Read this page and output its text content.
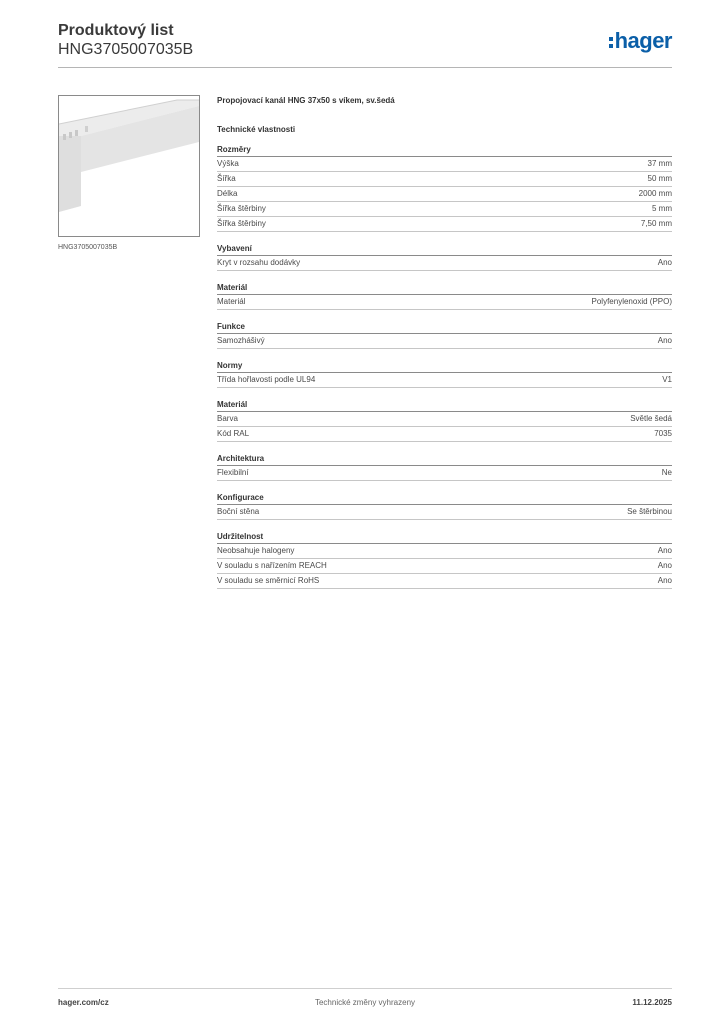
Produktový list
HNG3705007035B	hager
HNG3705007035B
Propojovací kanál HNG 37x50 s víkem, sv.šedá
Technické vlastnosti
Rozměry
Výška	37 mm
Šířka	50 mm
Délka	2000 mm
Šířka štěrbiny	5 mm
Šířka štěrbiny	7,50 mm
Vybavení
Kryt v rozsahu dodávky	Ano
Materiál
Materiál	Polyfenylenoxid (PPO)
Funkce
Samozhášivý	Ano
Normy
Třída hořlavosti podle UL94	V1
Materiál
Barva	Světle šedá
Kód RAL	7035
Architektura
Flexibilní	Ne
Konfigurace
Boční stěna	Se štěrbinou
Udržitelnost
Neobsahuje halogeny	Ano
V souladu s nařízením REACH	Ano
V souladu se směrnicí RoHS	Ano
hager.com/cz	Technické změny vyhrazeny	11.12.2025
